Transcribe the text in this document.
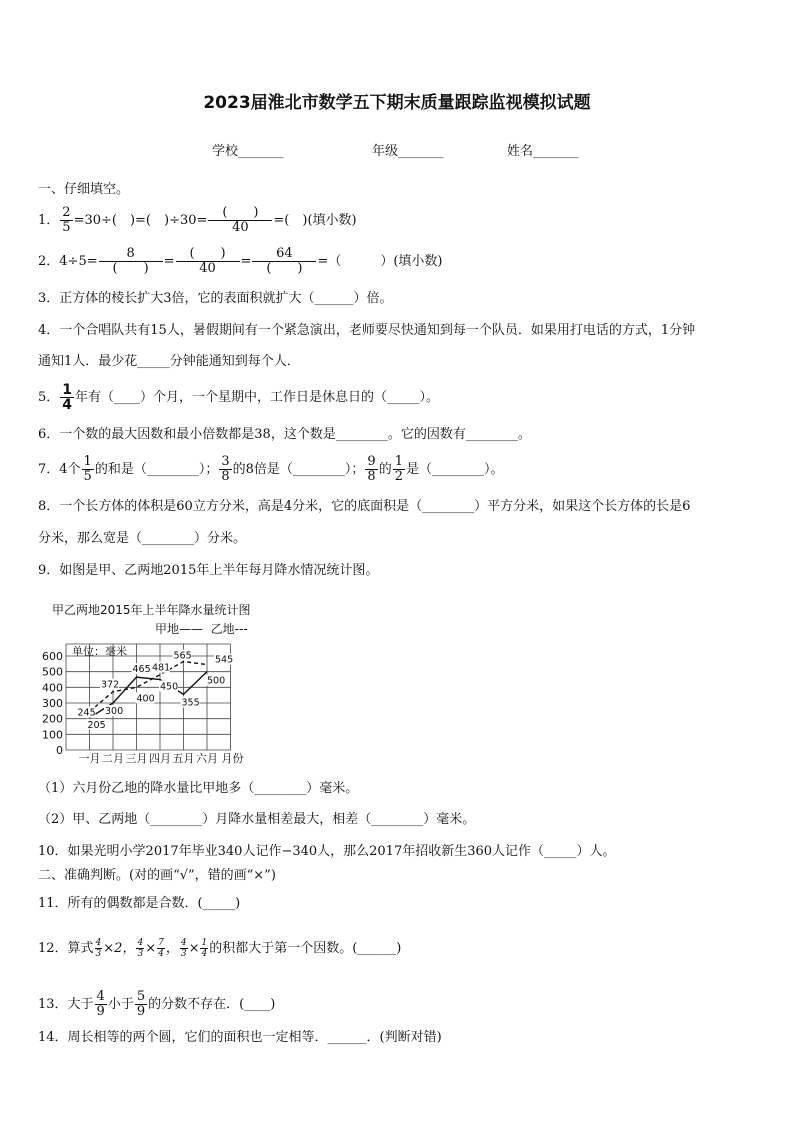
2023届淮北市数学五下期末质量跟踪监视模拟试题
学校_______	年级_______	姓名_______
一、仔细填空。
1． $\frac{2}{5} =30\div$(　)=(　)$\div 30= \frac{( )}{40}$ =(　)(填小数)
2．$4\div 5= \frac{8}{( )} = \frac{( )}{40} = \frac{64}{( )}$ =（　　　）(填小数)
3．正方体的棱长扩大3倍，它的表面积就扩大（______）倍。
4．一个合唱队共有15人，暑假期间有一个紧急演出，老师要尽快通知到每一个队员．如果用打电话的方式，1分钟
通知1人．最少花_____分钟能通知到每个人．
5． $\frac{1}{4}$ 年有（____）个月，一个星期中，工作日是休息日的（_____）。
6．一个数的最大因数和最小倍数都是38，这个数是________。它的因数有________。
7．4个 $\frac{1}{5}$ 的和是（________）； $\frac{3}{8}$ 的8倍是（________）； $\frac{9}{8}$ 的 $\frac{1}{2}$ 是（________）。
8．一个长方体的体积是60立方分米，高是4分米，它的底面积是（________）平方分米，如果这个长方体的长是6
分米，那么宽是（________）分米。
9．如图是甲、乙两地2015年上半年每月降水情况统计图。
甲乙两地2015年上半年降水量统计图
甲地—— 乙地---
0
100
200
300
400
500
600 单位：毫米
一月 二月 三月 四月 五月 六月 月份
205
300
465
450
355
500
245
372
400
481
565 545
（1）六月份乙地的降水量比甲地多（________）毫米。
（2）甲、乙两地（________）月降水量相差最大，相差（________）毫米。
10．如果光明小学2017年毕业340人记作−340人，那么2017年招收新生360人记作（_____）人。
二、准确判断。(对的画“√”，错的画“×”)
11．所有的偶数都是合数．(_____)
12．算式 $\frac{4}{3} \times 2$， $\frac{4}{3} \times \frac{7}{4}$ ， $\frac{4}{3} \times \frac{1}{4}$ 的积都大于第一个因数。(______)
13．大于 $\frac{4}{9}$ 小于 $\frac{5}{9}$ 的分数不存在．(____)
14．周长相等的两个圆，它们的面积也一定相等．______．(判断对错)
